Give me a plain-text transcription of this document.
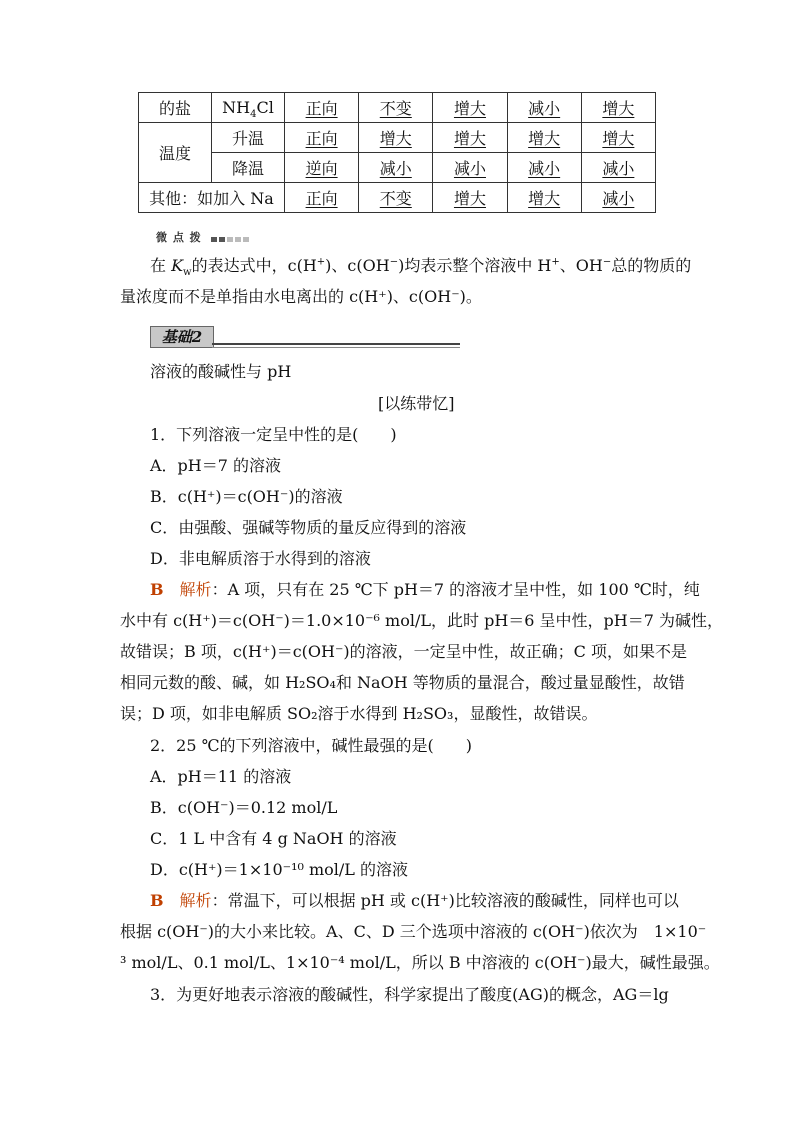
的盐	$NH_4Cl$	正向	不变	增大	减小	增大
温度	升温	正向	增大	增大	增大	增大
	降温	逆向	减小	减小	减小	减小
其他：如加入 Na		正向	不变	增大	增大	减小
微 点 拨
在 $K_w$的表达式中，c(H+)、c(OH−)均表示整个溶液中 H+、OH−总的物质的
量浓度而不是单指由水电离出的 c(H⁺)、c(OH⁻)。
基础2
溶液的酸碱性与 pH
[以练带忆]
1．下列溶液一定呈中性的是(　　)
A．pH＝7 的溶液
B．c(H⁺)＝c(OH⁻)的溶液
C．由强酸、强碱等物质的量反应得到的溶液
D．非电解质溶于水得到的溶液
B　 解析：A 项，只有在 25 ℃下 pH＝7 的溶液才呈中性，如 100 ℃时，纯
水中有 c(H⁺)＝c(OH⁻)＝1.0×10⁻⁶ mol/L，此时 pH＝6 呈中性，pH＝7 为碱性，
故错误；B 项，c(H⁺)＝c(OH⁻)的溶液，一定呈中性，故正确；C 项，如果不是
相同元数的酸、碱，如 H₂SO₄和 NaOH 等物质的量混合，酸过量显酸性，故错
误；D 项，如非电解质 SO₂溶于水得到 H₂SO₃，显酸性，故错误。
2．25 ℃的下列溶液中，碱性最强的是(　　)
A．pH＝11 的溶液
B．c(OH⁻)＝0.12 mol/L
C．1 L 中含有 4 g NaOH 的溶液
D．c(H⁺)＝1×10⁻¹⁰ mol/L 的溶液
B　 解析：常温下，可以根据 pH 或 c(H⁺)比较溶液的酸碱性，同样也可以
根据 c(OH⁻)的大小来比较。A、C、D 三个选项中溶液的 c(OH⁻)依次为　1×10⁻
³ mol/L、0.1 mol/L、1×10⁻⁴ mol/L，所以 B 中溶液的 c(OH⁻)最大，碱性最强。
3．为更好地表示溶液的酸碱性，科学家提出了酸度(AG)的概念，AG＝lg
